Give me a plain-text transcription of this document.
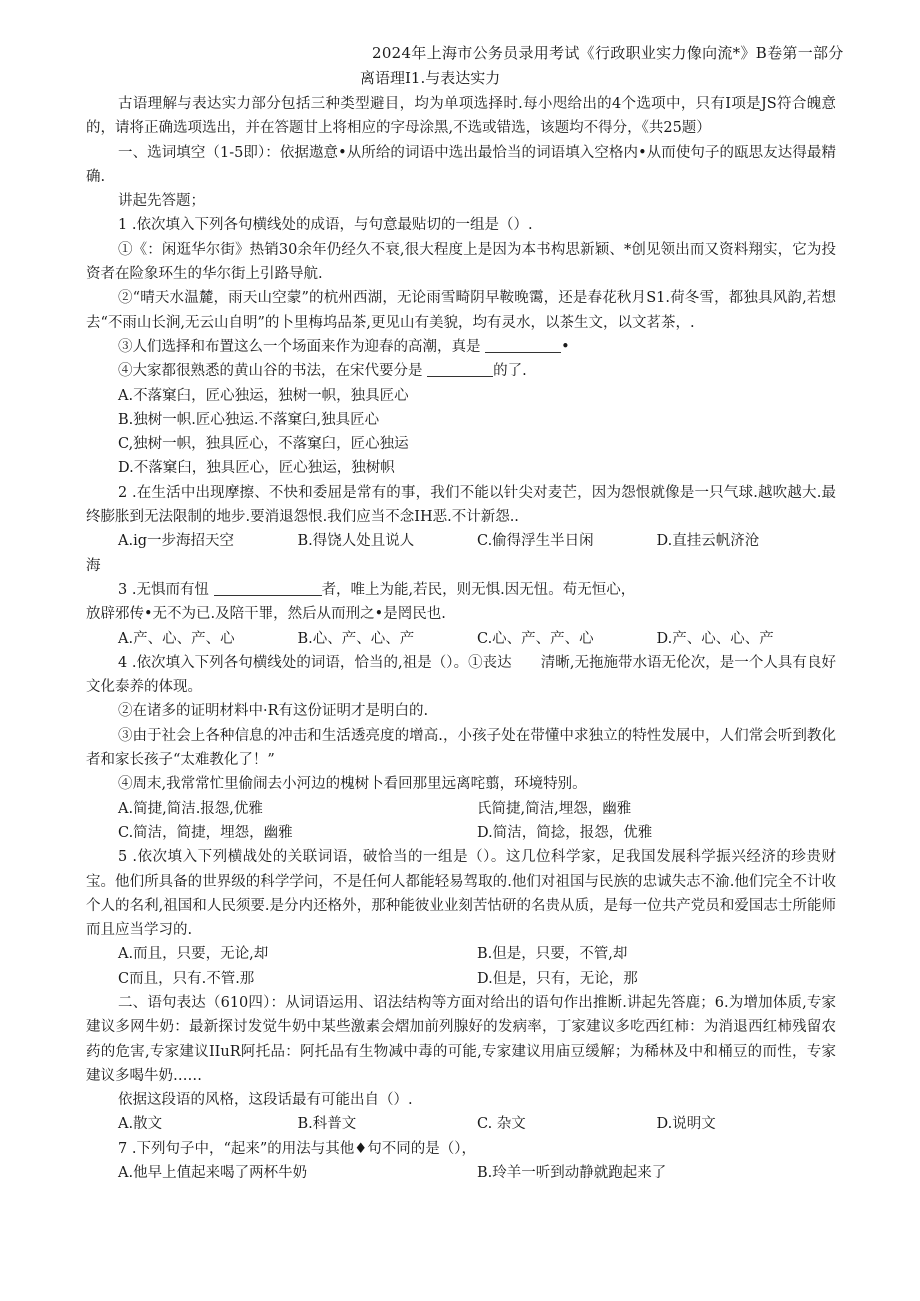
2024年上海市公务员录用考试《行政职业实力像向流*》B卷第一部分
离语理I1.与表达实力

古语理解与表达实力部分包括三种类型避目，均为单项选择时.每小咫给出的4个选项中，只有I项是JS符合魄意的，请将正确选项选出，并在答题甘上将相应的字母涂黑,不选或错选，该题均不得分，《共25题）

一、选词填空（1-5即）：依据遨意•从所给的词语中选出最恰当的词语填入空格内•从而使句子的瓯思友达得最精确.

讲起先答题；

1 .依次填入下列各句横线处的成语，与句意最贴切的一组是（）.

①《：闲逛华尔街》热销30余年仍经久不衰,很大程度上是因为本书构思新颖、*创见领出而又资料翔实，它为投资者在险象环生的华尔街上引路导航.

②“晴天水温麓，雨天山空蒙”的杭州西湖，无论雨雪畸阴早鞍晚霭，还是春花秋月S1.荷冬雪，都独具风韵,若想去“不雨山长涧,无云山自明”的卜里梅坞品茶,更见山有美貌，均有灵水，以茶生文，以文茗茶，.

③人们选择和布置这么一个场面来作为迎春的高潮，真是	•

④大家都很熟悉的黄山谷的书法，在宋代要分是	的了.

A.不落窠臼，匠心独运，独树一帜，独具匠心

B.独树一帜.匠心独运.不落窠臼,独具匠心

C,独树一帜，独具匠心，不落窠臼，匠心独运

D.不落窠臼，独具匠心，匠心独运，独树帜

2 .在生活中出现摩擦、不快和委屈是常有的事，我们不能以针尖对麦芒，因为怨恨就像是一只气球.越吹越大.最终膨胀到无法限制的地步.要消退怨恨.我们应当不念IH恶.不计新怨..

A.ig一步海招天空	B.得饶人处且说人	C.偷得浮生半日闲	D.直挂云帆济沧

海

3 .无惧而有忸	者，唯上为能,若民，则无惧.因无忸。苟无恒心，

放辟邪传•无不为已.及陪干罪，然后从而刑之•是罔民也.

A.产、心、产、心	B.心、产、心、产	C.心、产、产、心	D.产、心、心、产

4 .依次填入下列各句横线处的词语，恰当的,祖是（）。①丧达　　清晰,无拖施带水语无伦次，是一个人具有良好文化泰养的体现。

②在诸多的证明材料中·R有这份证明才是明白的.

③由于社会上各种信息的冲击和生活透亮度的增高.，小孩子处在带懂中求独立的特性发展中，人们常会听到教化者和家长孩子“太难教化了！”

④周末,我常常忙里偷闹去小河边的槐树卜看回那里远离咤翦，环境特别。

A.简捷,简洁.报怨,优雅	氏简捷,简洁,埋怨，幽雅
C.简洁，简捷，埋怨，幽雅	D.简洁，简捻，报怨，优雅

5 .依次填入下列横战处的关联词语，破恰当的一组是（）。这几位科学家，足我国发展科学振兴经济的珍贵财宝。他们所具备的世界级的科学学问，不是任何人都能轻易驾取的.他们对祖国与民族的忠诚失志不渝.他们完全不计收个人的名利,祖国和人民须要.是分内还格外，那种能彼业业刻苦怙研的名贵从质，是每一位共产党员和爱国志士所能师而且应当学习的.

A.而且，只要，无论,却	B.但是，只要，不管,却
C而且，只有.不管.那	D.但是，只有，无论，那

二、语句表达（610四）：从词语运用、诏法结构等方面对给出的语句作出推断.讲起先答鹿；6.为增加体质,专家建议多网牛奶：最新探讨发觉牛奶中某些激素会熠加前列腺好的发病率，丁家建议多吃西红柿：为消退西红柿残留农药的危害,专家建议IIuR阿托品：阿托品有生物减中毒的可能,专家建议用庙豆缓解；为稀林及中和桶豆的而性，专家建议多喝牛奶……

依据这段语的风格，这段话最有可能出自（）.

A.散文	B.科普文	C. 杂文	D.说明文

7 .下列句子中，“起来”的用法与其他♦句不同的是（），

A.他早上值起来喝了两杯牛奶	B.玲羊一听到动静就跑起来了
